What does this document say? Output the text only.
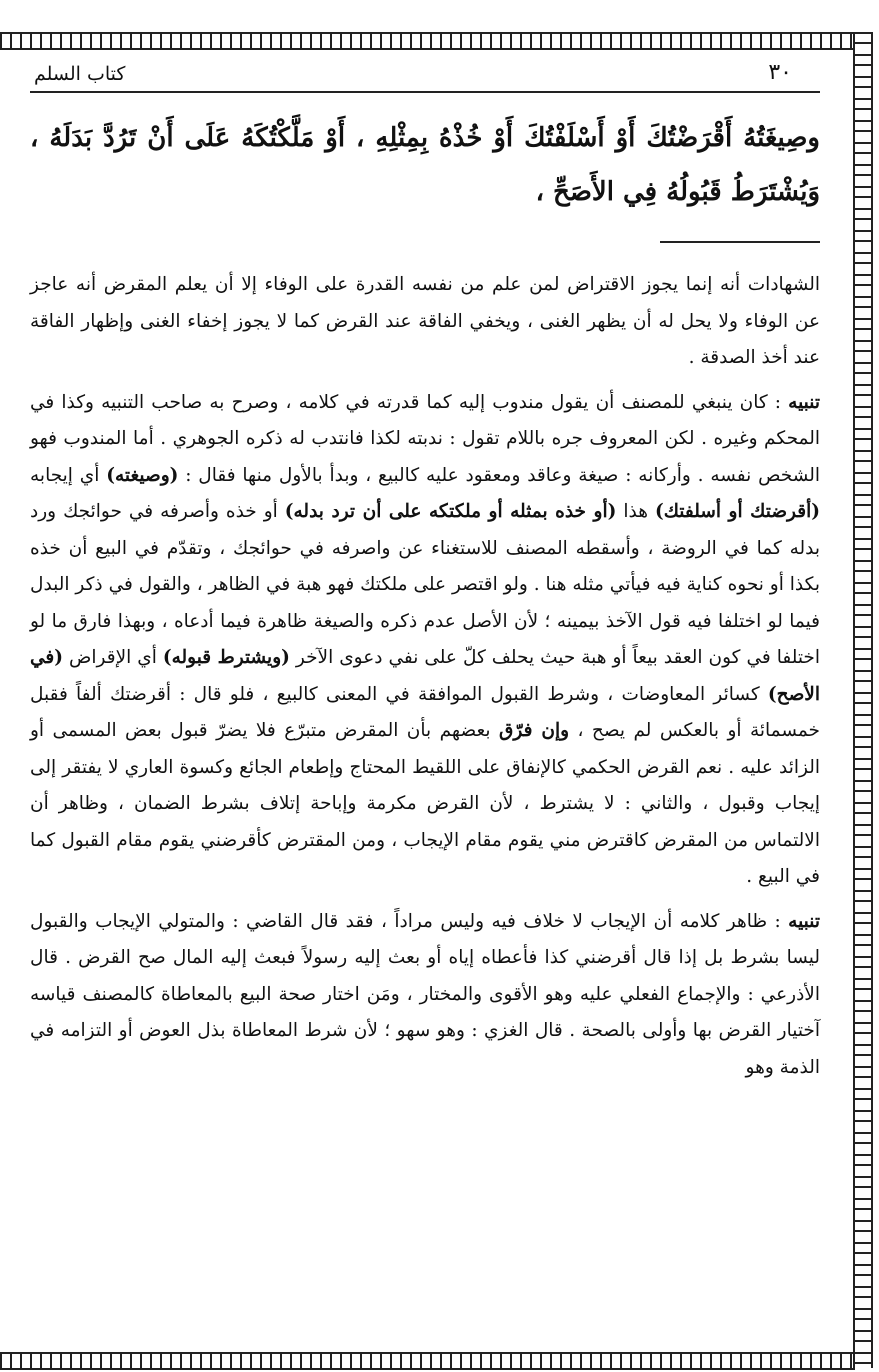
٣٠
كتاب السلم
وصِيغَتُهُ أَقْرَضْتُكَ أَوْ أَسْلَفْتُكَ أَوْ خُذْهُ بِمِثْلِهِ ، أَوْ مَلَّكْتُكَهُ عَلَى أَنْ تَرُدَّ بَدَلَهُ ، وَيُشْتَرَطُ قَبُولُهُ فِي الأَصَحِّ ،

الشهادات أنه إنما يجوز الاقتراض لمن علم من نفسه القدرة على الوفاء إلا أن يعلم المقرض أنه عاجز عن الوفاء ولا يحل له أن يظهر الغنى ، ويخفي الفاقة عند القرض كما لا يجوز إخفاء الغنى وإظهار الفاقة عند أخذ الصدقة .

تنبيه : كان ينبغي للمصنف أن يقول مندوب إليه كما قدرته في كلامه ، وصرح به صاحب التنبيه وكذا في المحكم وغيره . لكن المعروف جره باللام تقول : ندبته لكذا فانتدب له ذكره الجوهري . أما المندوب فهو الشخص نفسه . وأركانه : صيغة وعاقد ومعقود عليه كالبيع ، وبدأ بالأول منها فقال : (وصيغته) أي إيجابه (أقرضتك أو أسلفتك) هذا (أو خذه بمثله أو ملكتكه على أن ترد بدله) أو خذه وأصرفه في حوائجك ورد بدله كما في الروضة ، وأسقطه المصنف للاستغناء عن واصرفه في حوائجك ، وتقدّم في البيع أن خذه بكذا أو نحوه كناية فيه فيأتي مثله هنا . ولو اقتصر على ملكتك فهو هبة في الظاهر ، والقول في ذكر البدل فيما لو اختلفا فيه قول الآخذ بيمينه ؛ لأن الأصل عدم ذكره والصيغة ظاهرة فيما أدعاه ، وبهذا فارق ما لو اختلفا في كون العقد بيعاً أو هبة حيث يحلف كلّ على نفي دعوى الآخر (ويشترط قبوله) أي الإقراض (في الأصح) كسائر المعاوضات ، وشرط القبول الموافقة في المعنى كالبيع ، فلو قال : أقرضتك ألفاً فقبل خمسمائة أو بالعكس لم يصح ، وإن فرّق بعضهم بأن المقرض متبرّع فلا يضرّ قبول بعض المسمى أو الزائد عليه . نعم القرض الحكمي كالإنفاق على اللقيط المحتاج وإطعام الجائع وكسوة العاري لا يفتقر إلى إيجاب وقبول ، والثاني : لا يشترط ، لأن القرض مكرمة وإباحة إتلاف بشرط الضمان ، وظاهر أن الالتماس من المقرض كاقترض مني يقوم مقام الإيجاب ، ومن المقترض كأقرضني يقوم مقام القبول كما في البيع .

تنبيه : ظاهر كلامه أن الإيجاب لا خلاف فيه وليس مراداً ، فقد قال القاضي : والمتولي الإيجاب والقبول ليسا بشرط بل إذا قال أقرضني كذا فأعطاه إياه أو بعث إليه رسولاً فبعث إليه المال صح القرض . قال الأذرعي : والإجماع الفعلي عليه وهو الأقوى والمختار ، ومَن اختار صحة البيع بالمعاطاة كالمصنف قياسه آختيار القرض بها وأولى بالصحة . قال الغزي : وهو سهو ؛ لأن شرط المعاطاة بذل العوض أو التزامه في الذمة وهو
